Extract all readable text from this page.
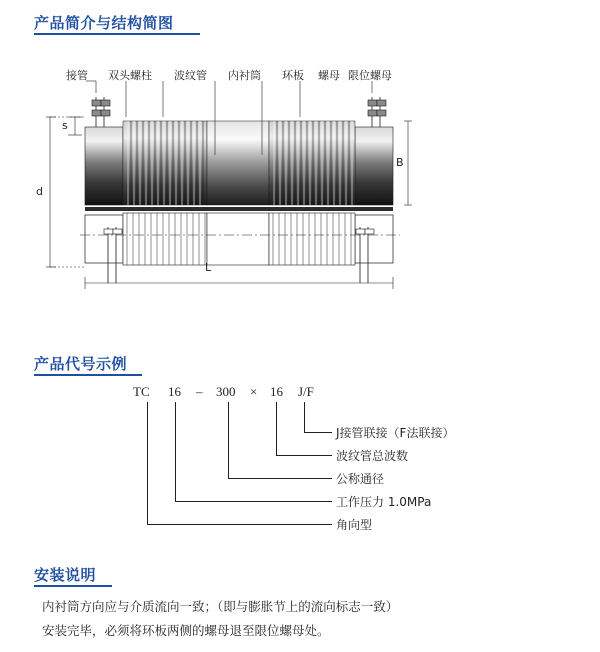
产品简介与结构简图
接管 双头螺柱 波纹管 内衬筒 环板 螺母 限位螺母
s
d
B
L
产品代号示例
TC 16 – 300 × 16 J/F
J接管联接（F法联接）
波纹管总波数
公称通径
工作压力 1.0MPa
角向型
安装说明

内衬筒方向应与介质流向一致；（即与膨胀节上的流向标志一致）

安装完毕，必须将环板两侧的螺母退至限位螺母处。
